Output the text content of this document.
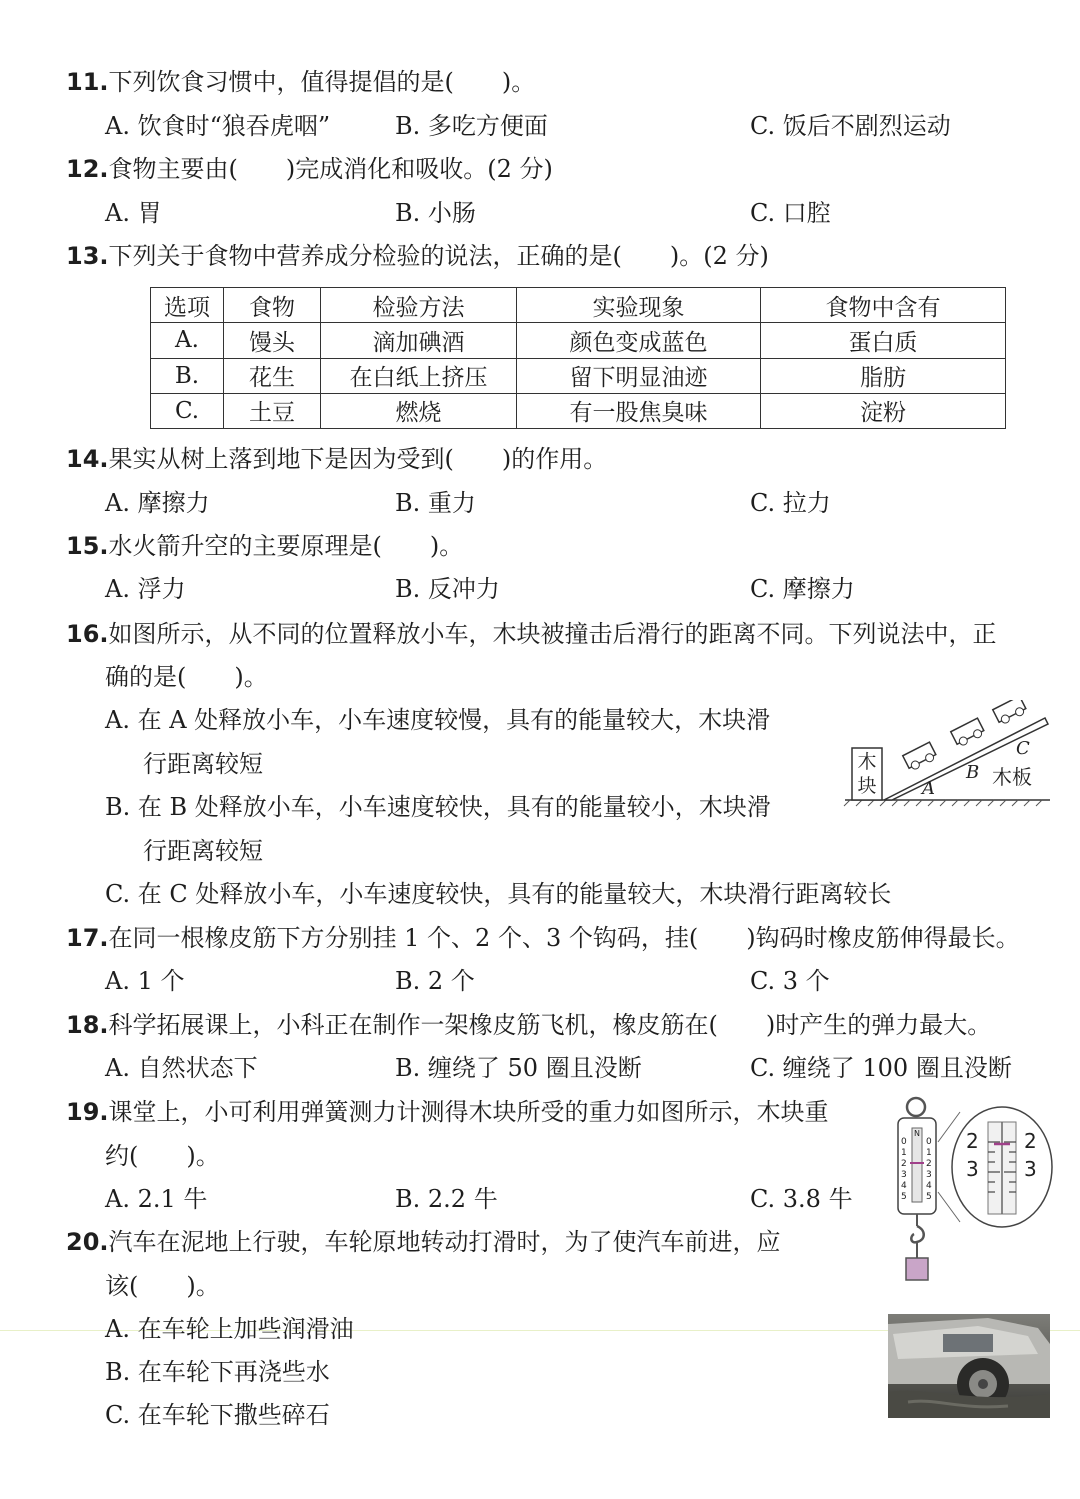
11.下列饮食习惯中，值得提倡的是(　　)。
A. 饮食时“狼吞虎咽”	B. 多吃方便面	C. 饭后不剧烈运动
12.食物主要由(　　)完成消化和吸收。(2 分)
A. 胃	B. 小肠	C. 口腔
13.下列关于食物中营养成分检验的说法，正确的是(　　)。(2 分)
选项	食物	检验方法	实验现象	食物中含有
A.	馒头	滴加碘酒	颜色变成蓝色	蛋白质
B.	花生	在白纸上挤压	留下明显油迹	脂肪
C.	土豆	燃烧	有一股焦臭味	淀粉
14.果实从树上落到地下是因为受到(　　)的作用。
A. 摩擦力	B. 重力	C. 拉力
15.水火箭升空的主要原理是(　　)。
A. 浮力	B. 反冲力	C. 摩擦力
16.如图所示，从不同的位置释放小车，木块被撞击后滑行的距离不同。下列说法中，正
确的是(　　)。
A. 在 A 处释放小车，小车速度较慢，具有的能量较大，木块滑
行距离较短
B. 在 B 处释放小车，小车速度较快，具有的能量较小，木块滑
行距离较短
C. 在 C 处释放小车，小车速度较快，具有的能量较大，木块滑行距离较长
木
块	A
B
C
木板
17.在同一根橡皮筋下方分别挂 1 个、2 个、3 个钩码，挂(　　)钩码时橡皮筋伸得最长。
A. 1 个	B. 2 个	C. 3 个
18.科学拓展课上，小科正在制作一架橡皮筋飞机，橡皮筋在(　　)时产生的弹力最大。
A. 自然状态下	B. 缠绕了 50 圈且没断	C. 缠绕了 100 圈且没断
19.课堂上，小可利用弹簧测力计测得木块所受的重力如图所示，木块重
约(　　)。
A. 2.1 牛	B. 2.2 牛	C. 3.8 牛
N
0
1
2
3
4
5
0
1
2
3
4
5
2
3
2
3
20.汽车在泥地上行驶，车轮原地转动打滑时，为了使汽车前进，应
该(　　)。
A. 在车轮上加些润滑油
B. 在车轮下再浇些水
C. 在车轮下撒些碎石
